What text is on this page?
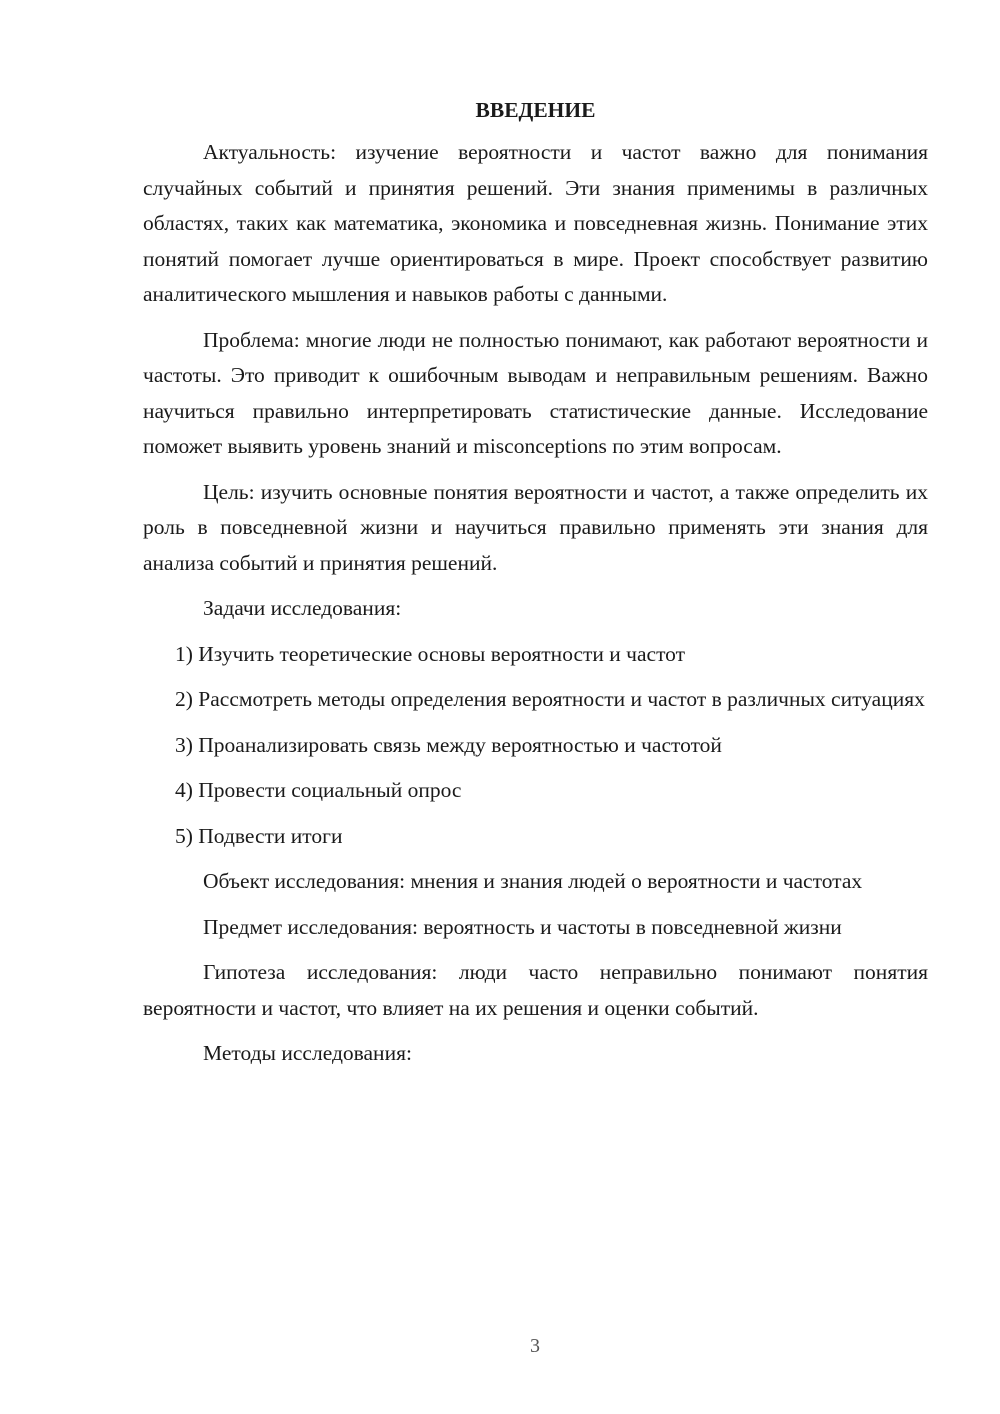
ВВЕДЕНИЕ

Актуальность: изучение вероятности и частот важно для понимания случайных событий и принятия решений. Эти знания применимы в различных областях, таких как математика, экономика и повседневная жизнь. Понимание этих понятий помогает лучше ориентироваться в мире. Проект способствует развитию аналитического мышления и навыков работы с данными.

Проблема: многие люди не полностью понимают, как работают вероятности и частоты. Это приводит к ошибочным выводам и неправильным решениям. Важно научиться правильно интерпретировать статистические данные. Исследование поможет выявить уровень знаний и misconceptions по этим вопросам.

Цель: изучить основные понятия вероятности и частот, а также определить их роль в повседневной жизни и научиться правильно применять эти знания для анализа событий и принятия решений.

Задачи исследования:

1) Изучить теоретические основы вероятности и частот

2) Рассмотреть методы определения вероятности и частот в различных ситуациях

3) Проанализировать связь между вероятностью и частотой

4) Провести социальный опрос

5) Подвести итоги

Объект исследования: мнения и знания людей о вероятности и частотах

Предмет исследования: вероятность и частоты в повседневной жизни

Гипотеза исследования: люди часто неправильно понимают понятия вероятности и частот, что влияет на их решения и оценки событий.

Методы исследования:

3
